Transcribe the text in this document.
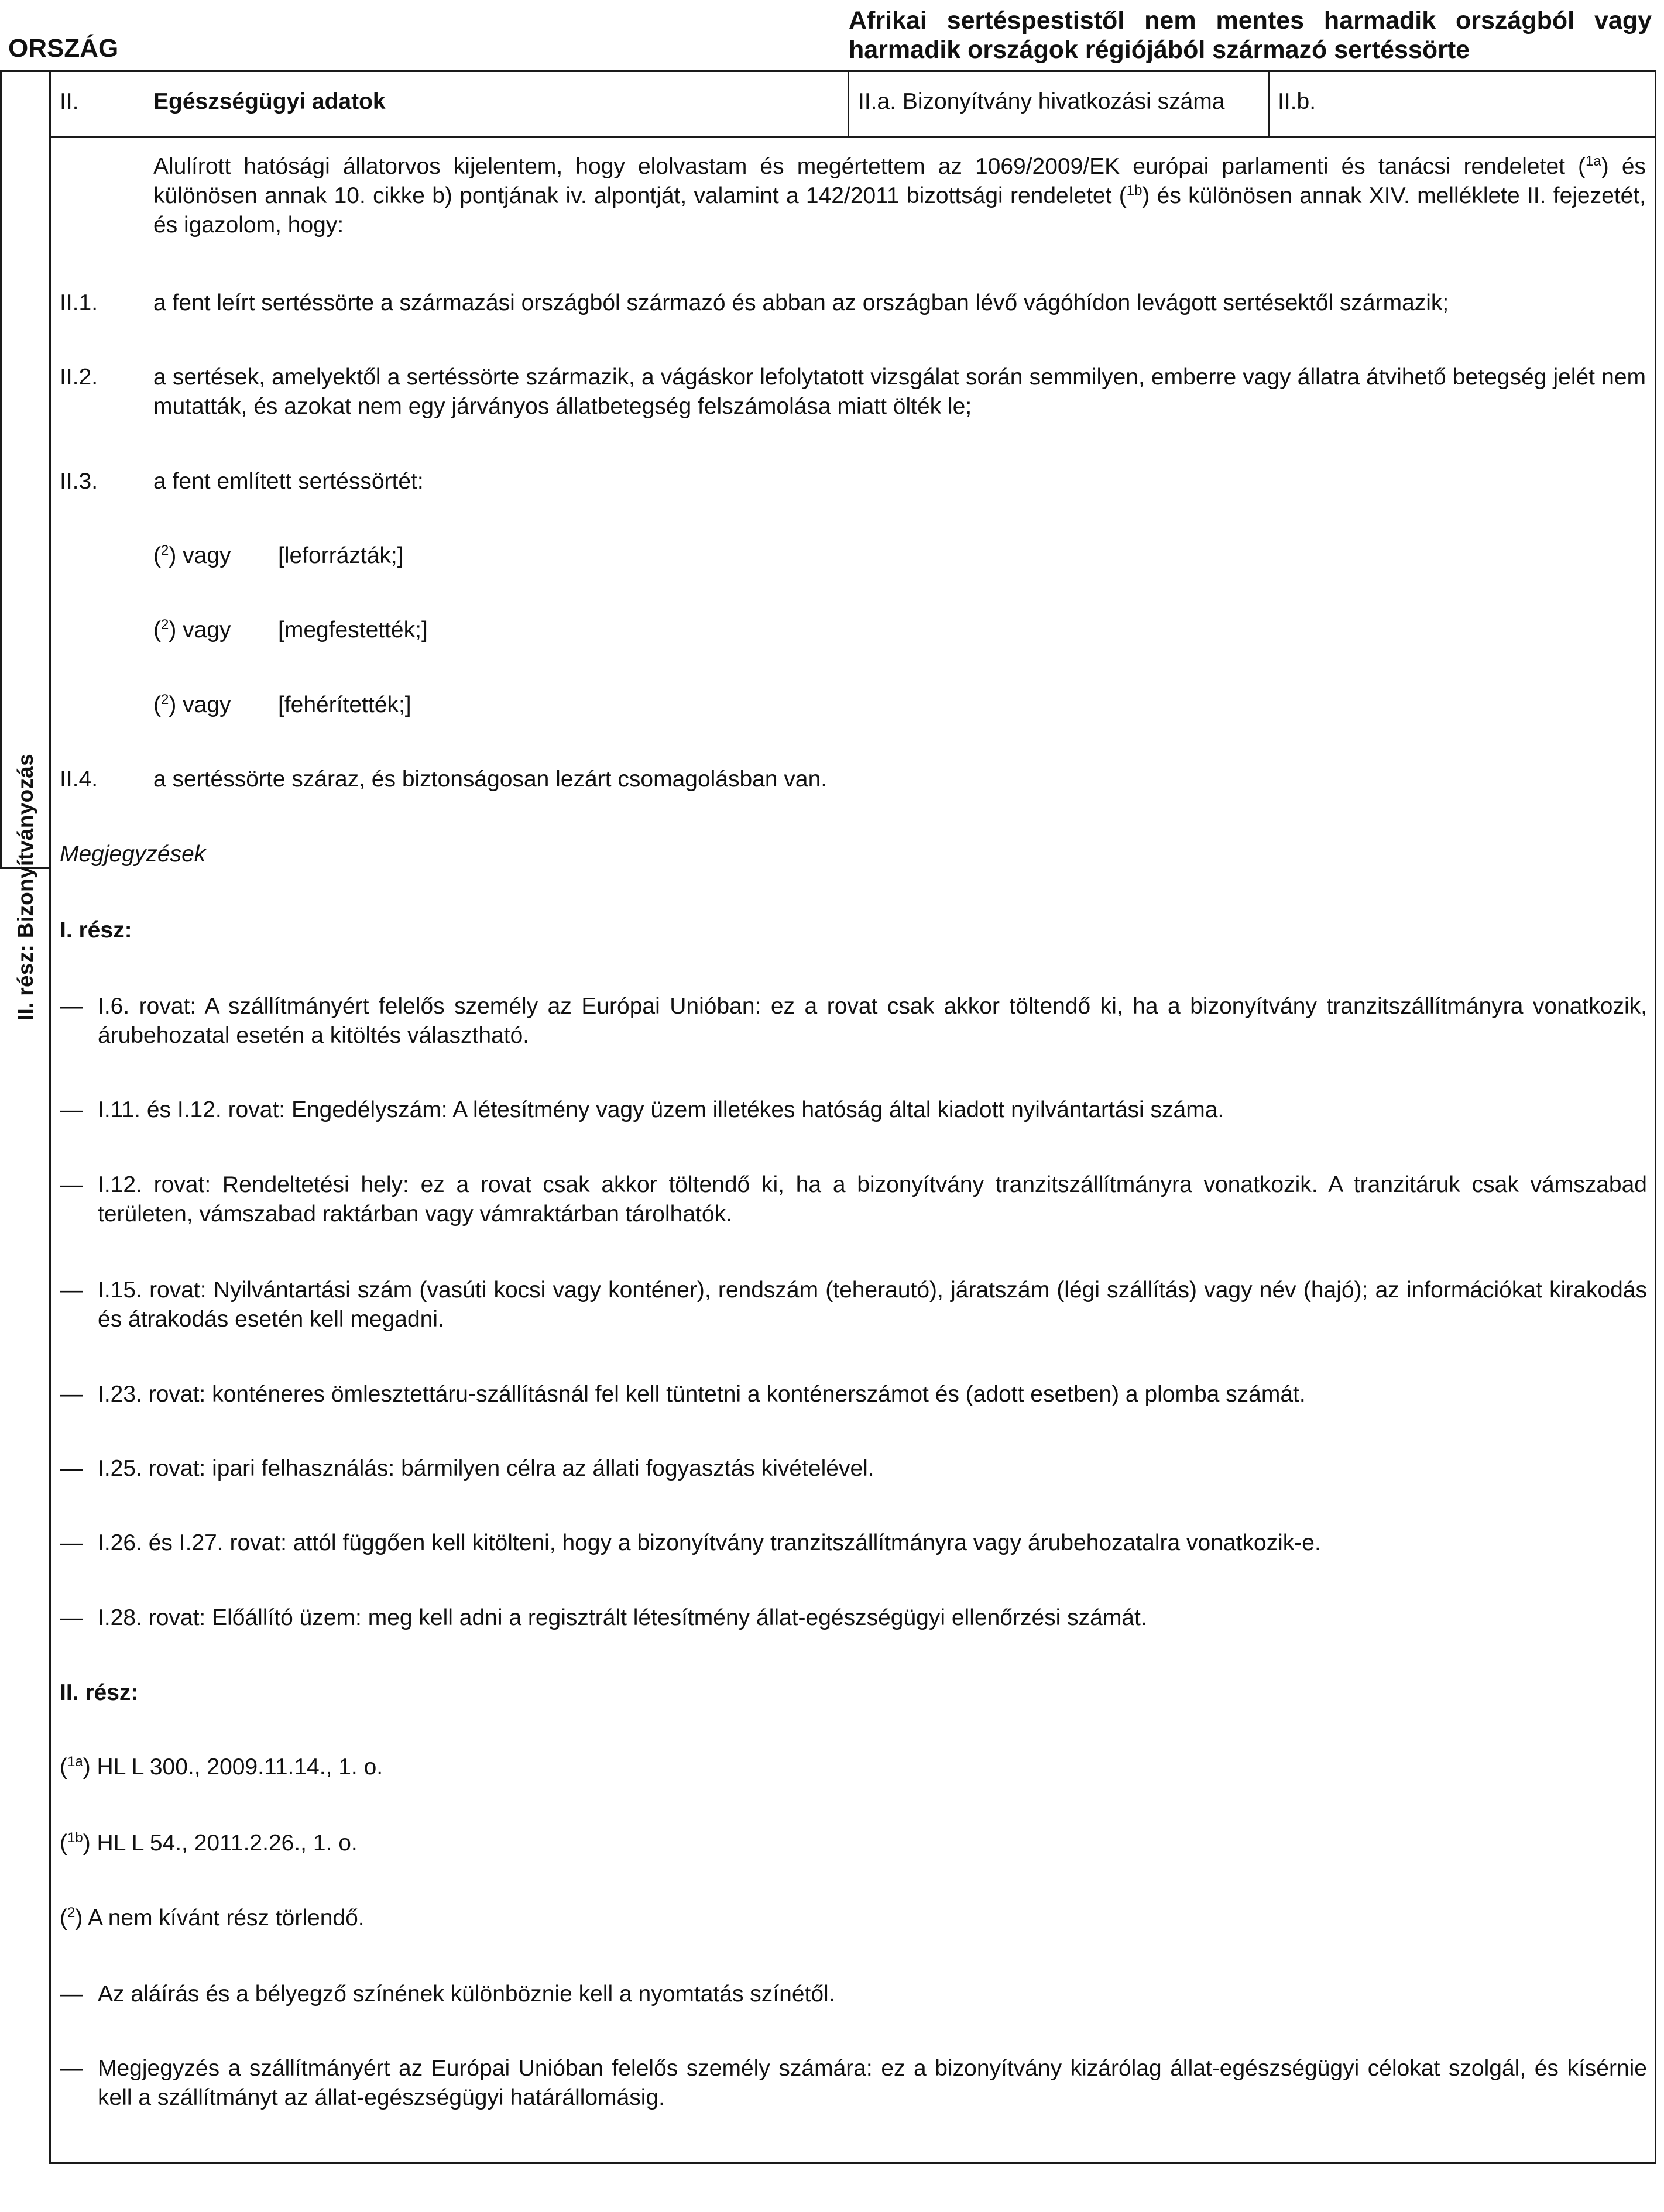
ORSZÁG
Afrikai sertéspestistől nem mentes harmadik országból vagy harmadik országok régiójából származó sertéssörte
II. rész: Bizonyítványozás
II.	Egészségügyi adatok	II.a. Bizonyítvány hivatkozási száma II.b.
Alulírott hatósági állatorvos kijelentem, hogy elolvastam és megértettem az 1069/2009/EK európai parlamenti és tanácsi rendeletet ($^{1a}$) és különösen annak 10. cikke b) pontjának iv. alpontját, valamint a 142/2011 bizottsági rendeletet ($^{1b}$) és különösen annak XIV. melléklete II. fejezetét, és igazolom, hogy:
II.1. a fent leírt sertéssörte a származási országból származó és abban az országban lévő vágóhídon levágott sertésektől származik;
II.2. a sertések, amelyektől a sertéssörte származik, a vágáskor lefolytatott vizsgálat során semmilyen, emberre vagy állatra átvihető betegség jelét nem mutatták, és azokat nem egy járványos állatbetegség felszámolása miatt ölték le;
II.3. a fent említett sertéssörtét:
($^2$) vagy [leforrázták;]
($^2$) vagy [megfestették;]
($^2$) vagy [fehérítették;]
II.4. a sertéssörte száraz, és biztonságosan lezárt csomagolásban van.
Megjegyzések
I. rész:
— I.6. rovat: A szállítmányért felelős személy az Európai Unióban: ez a rovat csak akkor töltendő ki, ha a bizonyítvány tranzitszállítmányra vonatkozik, árubehozatal esetén a kitöltés választható.
— I.11. és I.12. rovat: Engedélyszám: A létesítmény vagy üzem illetékes hatóság által kiadott nyilvántartási száma.
— I.12. rovat: Rendeltetési hely: ez a rovat csak akkor töltendő ki, ha a bizonyítvány tranzitszállítmányra vonatkozik. A tranzitáruk csak vámszabad területen, vámszabad raktárban vagy vámraktárban tárolhatók.
— I.15. rovat: Nyilvántartási szám (vasúti kocsi vagy konténer), rendszám (teherautó), járatszám (légi szállítás) vagy név (hajó); az információkat kirakodás és átrakodás esetén kell megadni.
— I.23. rovat: konténeres ömlesztettáru-szállításnál fel kell tüntetni a konténerszámot és (adott esetben) a plomba számát.
— I.25. rovat: ipari felhasználás: bármilyen célra az állati fogyasztás kivételével.
— I.26. és I.27. rovat: attól függően kell kitölteni, hogy a bizonyítvány tranzitszállítmányra vagy árubehozatalra vonatkozik-e.
— I.28. rovat: Előállító üzem: meg kell adni a regisztrált létesítmény állat-egészségügyi ellenőrzési számát.
II. rész:
($^{1a}$) HL L 300., 2009.11.14., 1. o.
($^{1b}$) HL L 54., 2011.2.26., 1. o.
($^2$) A nem kívánt rész törlendő.
— Az aláírás és a bélyegző színének különböznie kell a nyomtatás színétől.
— Megjegyzés a szállítmányért az Európai Unióban felelős személy számára: ez a bizonyítvány kizárólag állat-egészségügyi célokat szolgál, és kísérnie kell a szállítmányt az állat-egészségügyi határállomásig.
